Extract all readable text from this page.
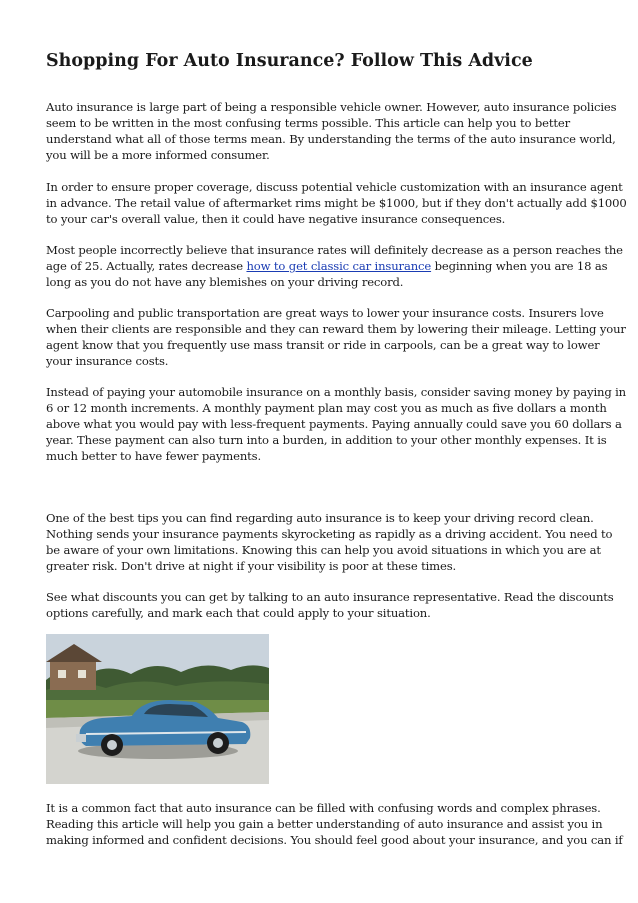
Shopping For Auto Insurance? Follow This Advice

Auto insurance is large part of being a responsible vehicle owner. However, auto insurance policies
seem to be written in the most confusing terms possible. This article can help you to better
understand what all of those terms mean. By understanding the terms of the auto insurance world,
you will be a more informed consumer.

In order to ensure proper coverage, discuss potential vehicle customization with an insurance agent
in advance. The retail value of aftermarket rims might be $1000, but if they don't actually add $1000
to your car's overall value, then it could have negative insurance consequences.

Most people incorrectly believe that insurance rates will definitely decrease as a person reaches the
age of 25. Actually, rates decrease how to get classic car insurance beginning when you are 18 as
long as you do not have any blemishes on your driving record.

Carpooling and public transportation are great ways to lower your insurance costs. Insurers love
when their clients are responsible and they can reward them by lowering their mileage. Letting your
agent know that you frequently use mass transit or ride in carpools, can be a great way to lower
your insurance costs.

Instead of paying your automobile insurance on a monthly basis, consider saving money by paying in
6 or 12 month increments. A monthly payment plan may cost you as much as five dollars a month
above what you would pay with less-frequent payments. Paying annually could save you 60 dollars a
year. These payment can also turn into a burden, in addition to your other monthly expenses. It is
much better to have fewer payments.

One of the best tips you can find regarding auto insurance is to keep your driving record clean.
Nothing sends your insurance payments skyrocketing as rapidly as a driving accident. You need to
be aware of your own limitations. Knowing this can help you avoid situations in which you are at
greater risk. Don't drive at night if your visibility is poor at these times.

See what discounts you can get by talking to an auto insurance representative. Read the discounts
options carefully, and mark each that could apply to your situation.

It is a common fact that auto insurance can be filled with confusing words and complex phrases.
Reading this article will help you gain a better understanding of auto insurance and assist you in
making informed and confident decisions. You should feel good about your insurance, and you can if
